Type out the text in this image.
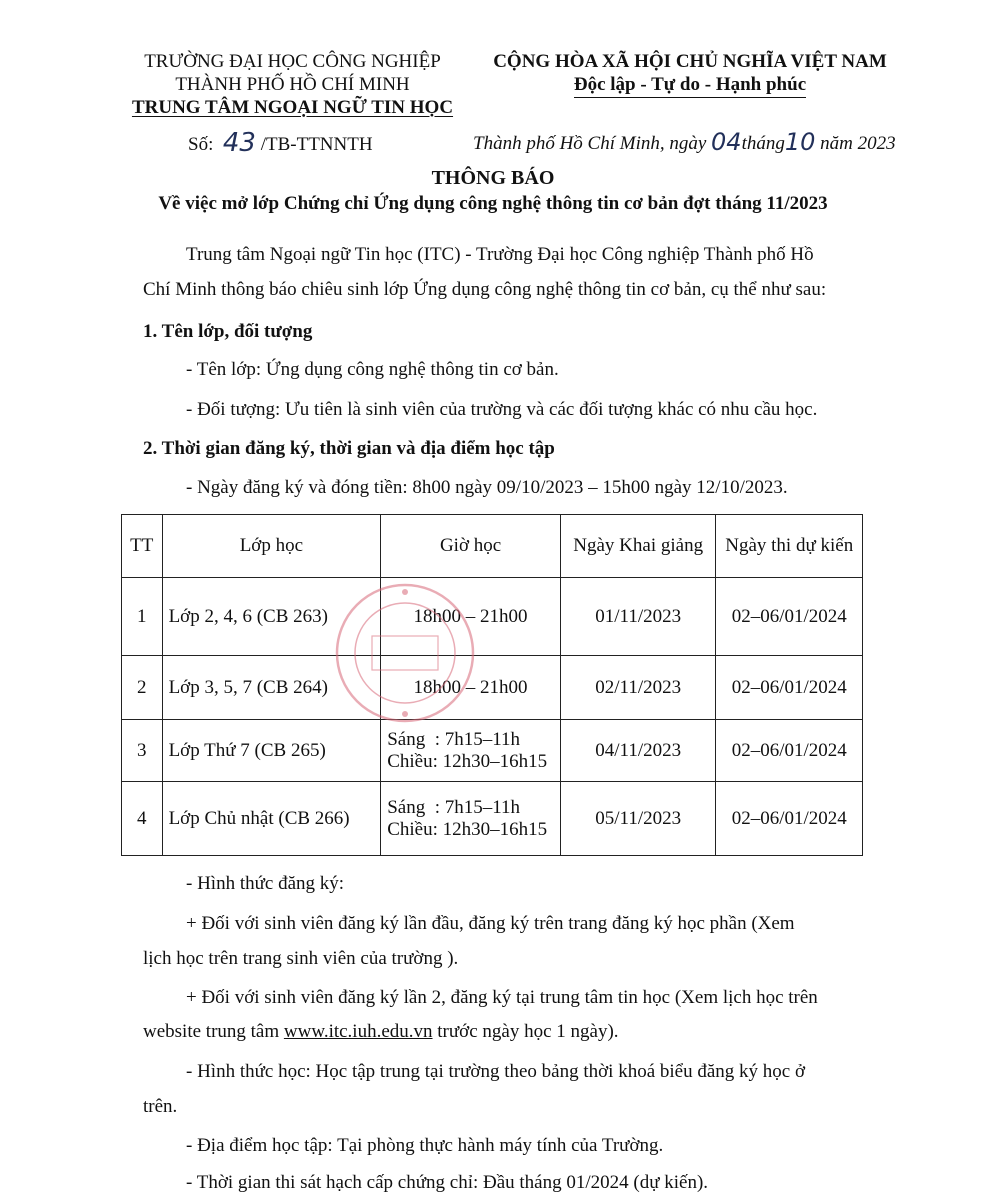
TRƯỜNG ĐẠI HỌC CÔNG NGHIỆP
THÀNH PHỐ HỒ CHÍ MINH
TRUNG TÂM NGOẠI NGỮ TIN HỌC
CỘNG HÒA XÃ HỘI CHỦ NGHĨA VIỆT NAM
Độc lập - Tự do - Hạnh phúc
Số: 43 /TB-TTNNTH	Thành phố Hồ Chí Minh, ngày 04tháng10 năm 2023
THÔNG BÁO
Về việc mở lớp Chứng chỉ Ứng dụng công nghệ thông tin cơ bản đợt tháng 11/2023
Trung tâm Ngoại ngữ Tin học (ITC) - Trường Đại học Công nghiệp Thành phố Hồ
Chí Minh thông báo chiêu sinh lớp Ứng dụng công nghệ thông tin cơ bản, cụ thể như sau:
1. Tên lớp, đối tượng
- Tên lớp: Ứng dụng công nghệ thông tin cơ bản.
- Đối tượng: Ưu tiên là sinh viên của trường và các đối tượng khác có nhu cầu học.
2. Thời gian đăng ký, thời gian và địa điểm học tập
- Ngày đăng ký và đóng tiền: 8h00 ngày 09/10/2023 – 15h00 ngày 12/10/2023.
TT	Lớp học	Giờ học	Ngày Khai giảng	Ngày thi dự kiến
1	Lớp 2, 4, 6 (CB 263)	18h00 – 21h00	01/11/2023	02–06/01/2024
2	Lớp 3, 5, 7 (CB 264)	18h00 – 21h00	02/11/2023	02–06/01/2024
3	Lớp Thứ 7 (CB 265)	Sáng  : 7h15–11h
Chiều: 12h30–16h15	04/11/2023	02–06/01/2024
4	Lớp Chủ nhật (CB 266)	Sáng  : 7h15–11h
Chiều: 12h30–16h15	05/11/2023	02–06/01/2024
- Hình thức đăng ký:
+ Đối với sinh viên đăng ký lần đầu, đăng ký trên trang đăng ký học phần (Xem
lịch học trên trang sinh viên của trường ).
+ Đối với sinh viên đăng ký lần 2, đăng ký tại trung tâm tin học (Xem lịch học trên
website trung tâm www.itc.iuh.edu.vn trước ngày học 1 ngày).
- Hình thức học: Học tập trung tại trường theo bảng thời khoá biểu đăng ký học ở
trên.
- Địa điểm học tập: Tại phòng thực hành máy tính của Trường.
- Thời gian thi sát hạch cấp chứng chỉ: Đầu tháng 01/2024 (dự kiến).
